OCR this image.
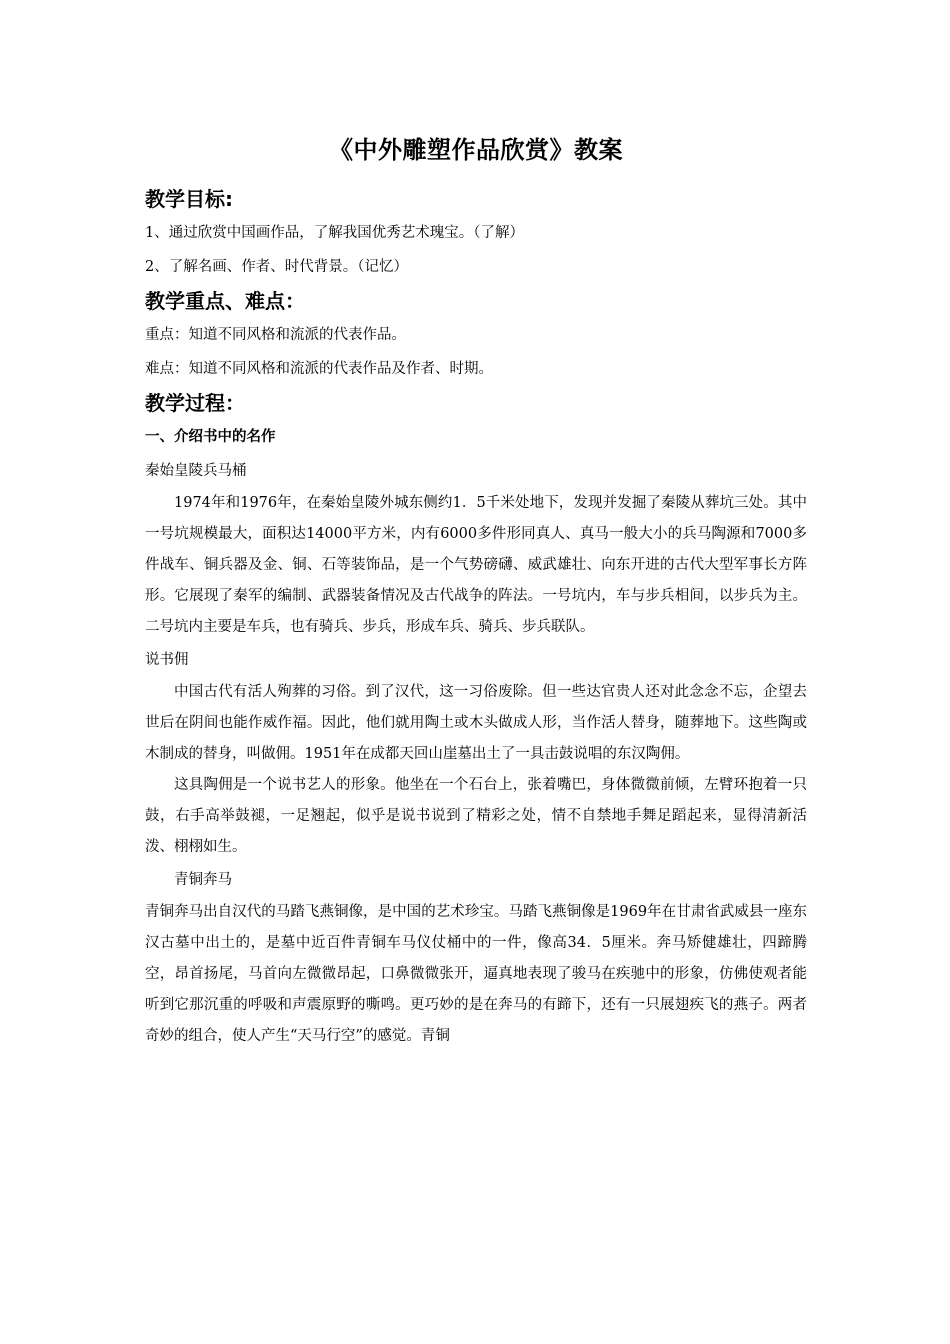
《中外雕塑作品欣赏》教案
教学目标:

1、通过欣赏中国画作品，了解我国优秀艺术瑰宝。（了解）

2、了解名画、作者、时代背景。（记忆）

教学重点、难点：

重点：知道不同风格和流派的代表作品。

难点：知道不同风格和流派的代表作品及作者、时期。

教学过程：

一、介绍书中的名作

秦始皇陵兵马桶

1974年和1976年，在秦始皇陵外城东侧约1．5千米处地下，发现并发掘了秦陵从葬坑三处。其中一号坑规模最大，面积达14000平方米，内有6000多件形同真人、真马一般大小的兵马陶源和7000多件战车、铜兵器及金、铜、石等装饰品，是一个气势磅礴、威武雄壮、向东开进的古代大型军事长方阵形。它展现了秦军的编制、武器装备情况及古代战争的阵法。一号坑内，车与步兵相间，以步兵为主。二号坑内主要是车兵，也有骑兵、步兵，形成车兵、骑兵、步兵联队。

说书佣

中国古代有活人殉葬的习俗。到了汉代，这一习俗废除。但一些达官贵人还对此念念不忘，企望去世后在阴间也能作威作福。因此，他们就用陶土或木头做成人形，当作活人替身，随葬地下。这些陶或木制成的替身，叫做佣。1951年在成都天回山崖墓出土了一具击鼓说唱的东汉陶佣。

这具陶佣是一个说书艺人的形象。他坐在一个石台上，张着嘴巴，身体微微前倾，左臂环抱着一只鼓，右手高举鼓褪，一足翘起，似乎是说书说到了精彩之处，情不自禁地手舞足蹈起来，显得清新活泼、栩栩如生。

青铜奔马

青铜奔马出自汉代的马踏飞燕铜像，是中国的艺术珍宝。马踏飞燕铜像是1969年在甘肃省武威县一座东汉古墓中出土的，是墓中近百件青铜车马仪仗桶中的一件，像高34．5厘米。奔马矫健雄壮，四蹄腾空，昂首扬尾，马首向左微微昂起，口鼻微微张开，逼真地表现了骏马在疾驰中的形象，仿佛使观者能听到它那沉重的呼吸和声震原野的嘶鸣。更巧妙的是在奔马的有蹄下，还有一只展翅疾飞的燕子。两者奇妙的组合，使人产生“天马行空”的感觉。青铜
